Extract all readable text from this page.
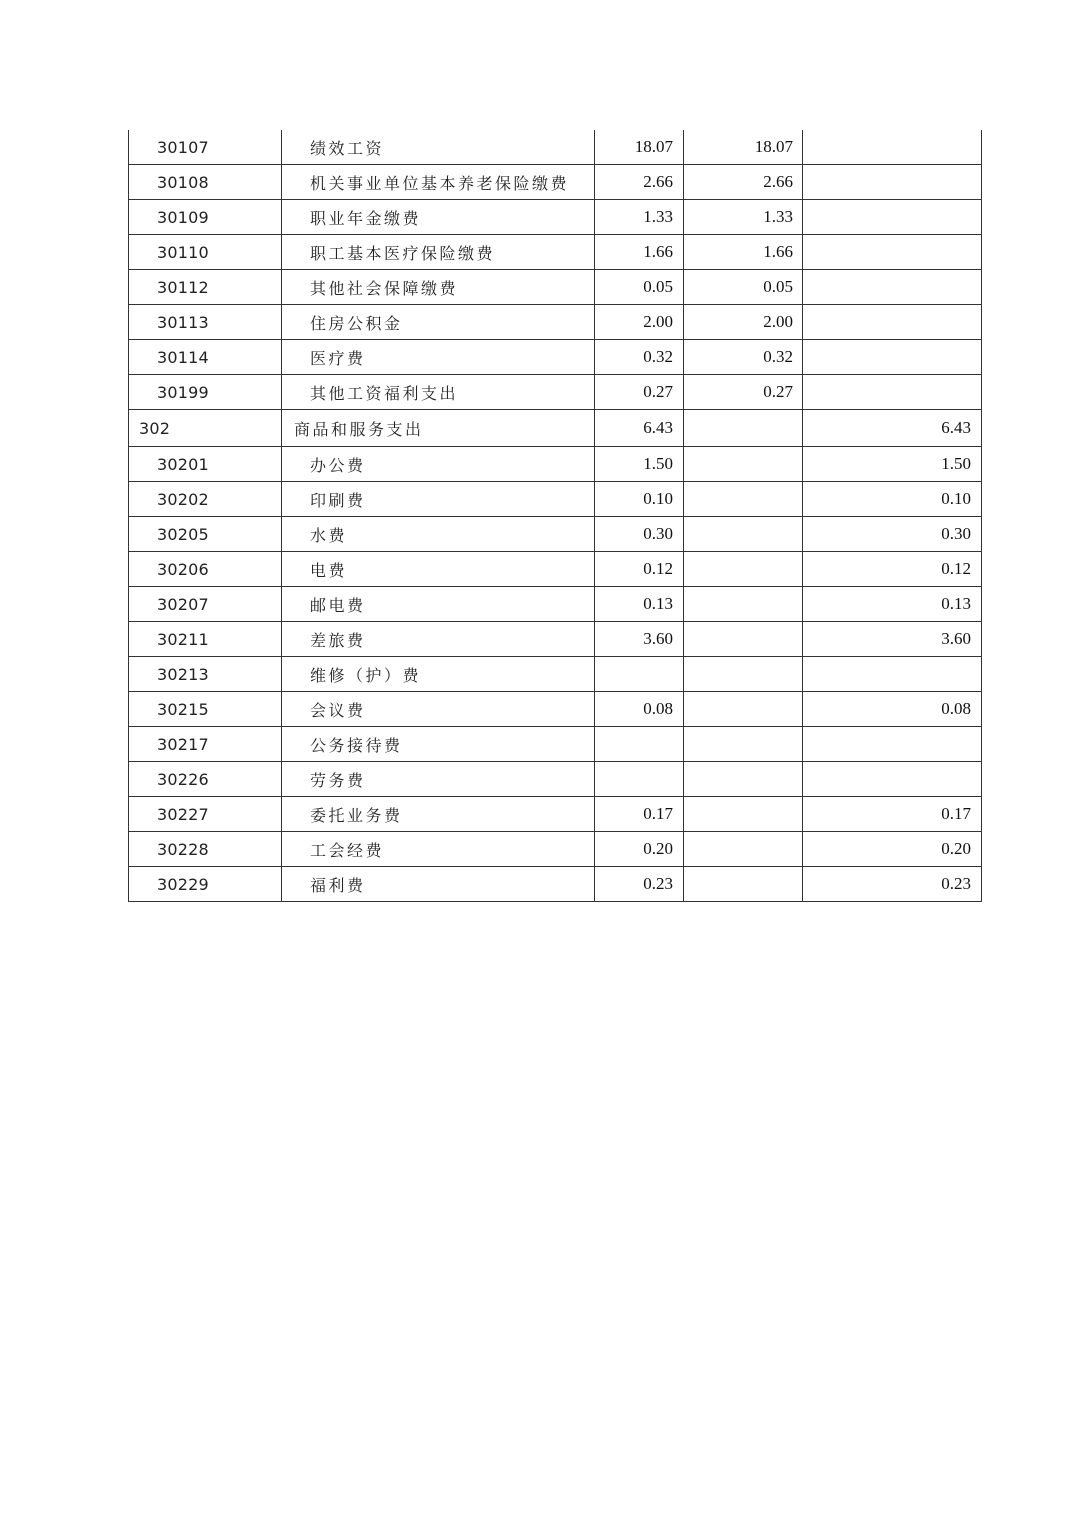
30107	绩效工资	18.07	18.07	
30108	机关事业单位基本养老保险缴费	2.66	2.66	
30109	职业年金缴费	1.33	1.33	
30110	职工基本医疗保险缴费	1.66	1.66	
30112	其他社会保障缴费	0.05	0.05	
30113	住房公积金	2.00	2.00	
30114	医疗费	0.32	0.32	
30199	其他工资福利支出	0.27	0.27	
302	商品和服务支出	6.43		6.43
30201	办公费	1.50		1.50
30202	印刷费	0.10		0.10
30205	水费	0.30		0.30
30206	电费	0.12		0.12
30207	邮电费	0.13		0.13
30211	差旅费	3.60		3.60
30213	维修（护）费			
30215	会议费	0.08		0.08
30217	公务接待费			
30226	劳务费			
30227	委托业务费	0.17		0.17
30228	工会经费	0.20		0.20
30229	福利费	0.23		0.23
